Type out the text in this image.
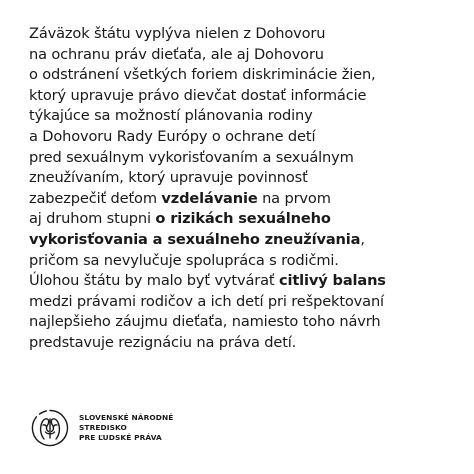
Záväzok štátu vyplýva nielen z Dohovoru
na ochranu práv dieťaťa, ale aj Dohovoru
o odstránení všetkých foriem diskriminácie žien,
ktorý upravuje právo dievčat dostať informácie
týkajúce sa možností plánovania rodiny
a Dohovoru Rady Európy o ochrane detí
pred sexuálnym vykorisťovaním a sexuálnym
zneužívaním, ktorý upravuje povinnosť
zabezpečiť deťom vzdelávanie na prvom
aj druhom stupni o rizikách sexuálneho
vykorisťovania a sexuálneho zneužívania,
pričom sa nevylučuje spolupráca s rodičmi.
Úlohou štátu by malo byť vytvárať citlivý balans
medzi právami rodičov a ich detí pri rešpektovaní
najlepšieho záujmu dieťaťa, namiesto toho návrh
predstavuje rezignáciu na práva detí.

SLOVENSKÉ NÁRODNÉ
STREDISKO
PRE ĽUDSKÉ PRÁVA
